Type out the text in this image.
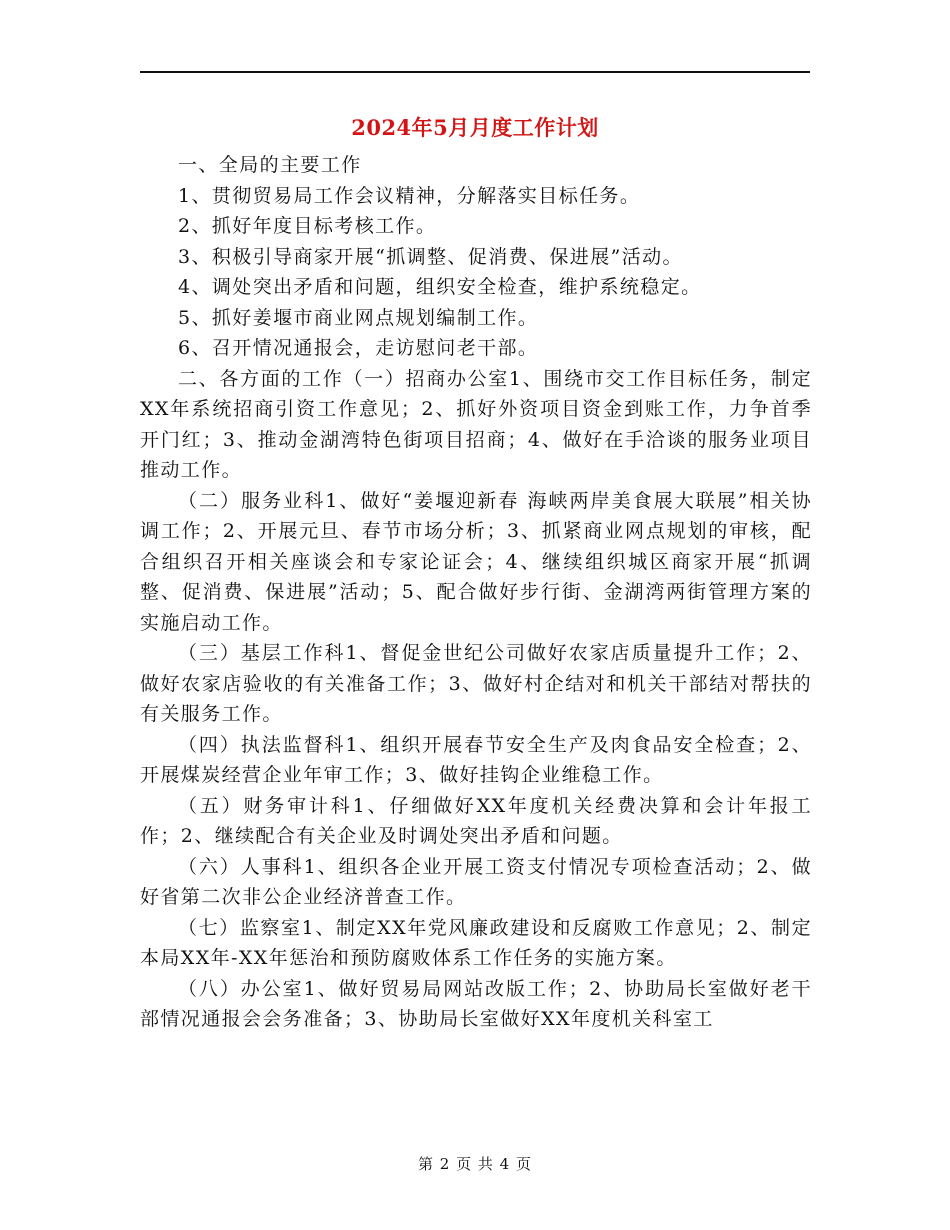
2024年5月月度工作计划

一、全局的主要工作

1、贯彻贸易局工作会议精神，分解落实目标任务。

2、抓好年度目标考核工作。

3、积极引导商家开展“抓调整、促消费、保进展”活动。

4、调处突出矛盾和问题，组织安全检查，维护系统稳定。

5、抓好姜堰市商业网点规划编制工作。

6、召开情况通报会，走访慰问老干部。

二、各方面的工作（一）招商办公室1、围绕市交工作目标任务，制定XX年系统招商引资工作意见；2、抓好外资项目资金到账工作，力争首季开门红；3、推动金湖湾特色街项目招商；4、做好在手洽谈的服务业项目推动工作。

（二）服务业科1、做好“姜堰迎新春 海峡两岸美食展大联展”相关协调工作；2、开展元旦、春节市场分析；3、抓紧商业网点规划的审核，配合组织召开相关座谈会和专家论证会；4、继续组织城区商家开展“抓调整、促消费、保进展”活动；5、配合做好步行街、金湖湾两街管理方案的实施启动工作。

（三）基层工作科1、督促金世纪公司做好农家店质量提升工作；2、做好农家店验收的有关准备工作；3、做好村企结对和机关干部结对帮扶的有关服务工作。

（四）执法监督科1、组织开展春节安全生产及肉食品安全检查；2、开展煤炭经营企业年审工作；3、做好挂钩企业维稳工作。

（五）财务审计科1、仔细做好XX年度机关经费决算和会计年报工作；2、继续配合有关企业及时调处突出矛盾和问题。

（六）人事科1、组织各企业开展工资支付情况专项检查活动；2、做好省第二次非公企业经济普查工作。

（七）监察室1、制定XX年党风廉政建设和反腐败工作意见；2、制定本局XX年-XX年惩治和预防腐败体系工作任务的实施方案。

（八）办公室1、做好贸易局网站改版工作；2、协助局长室做好老干部情况通报会会务准备；3、协助局长室做好XX年度机关科室工

第 2 页 共 4 页
